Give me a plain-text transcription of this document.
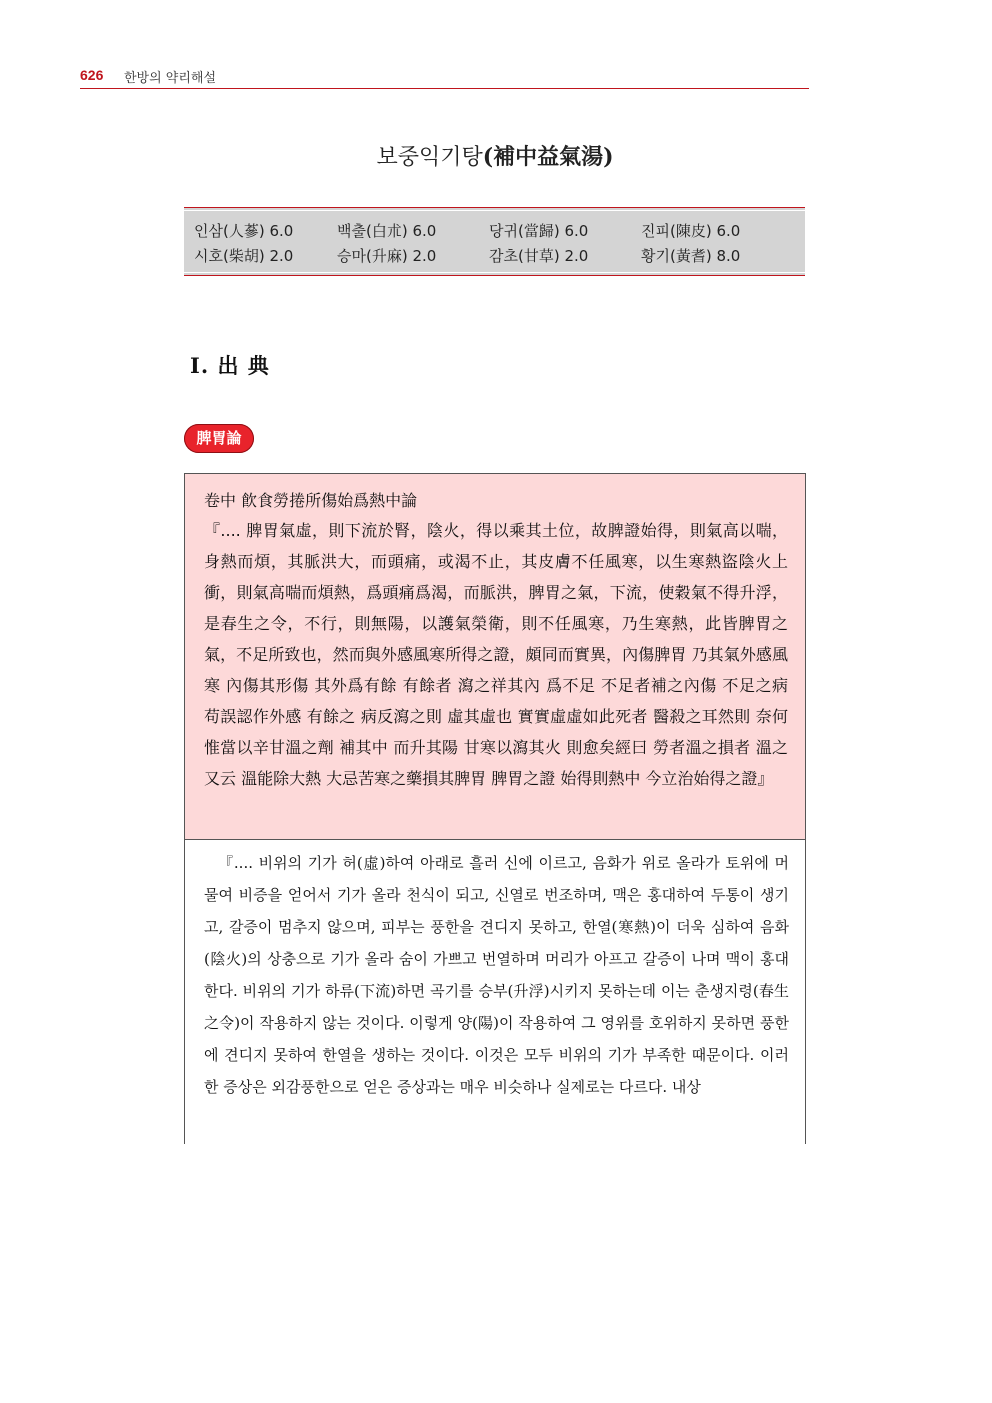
626 한방의 약리해설
보중익기탕(補中益氣湯)
인삼(人蔘) 6.0	백출(白朮) 6.0	당귀(當歸) 6.0	진피(陳皮) 6.0
시호(柴胡) 2.0	승마(升麻) 2.0	감초(甘草) 2.0	황기(黃耆) 8.0
Ⅰ. 出 典
脾胃論
卷中 飮食勞捲所傷始爲熱中論
『.... 脾胃氣虛，則下流於腎，陰火，得以乘其土位，故脾證始得，則氣高以喘，身熱而煩，其脈洪大，而頭痛，或渴不止，其皮膚不任風寒，以生寒熱盜陰火上衝，則氣高喘而煩熱，爲頭痛爲渴，而脈洪，脾胃之氣，下流，使穀氣不得升浮，是春生之令，不行，則無陽，以護氣榮衛，則不任風寒，乃生寒熱，此皆脾胃之氣，不足所致也，然而與外感風寒所得之證，頗同而實異，內傷脾胃 乃其氣外感風寒 內傷其形傷 其外爲有餘 有餘者 瀉之祥其內 爲不足 不足者補之內傷 不足之病 苟誤認作外感 有餘之 病反瀉之則 虛其虛也 實實虛虛如此死者 醫殺之耳然則 奈何惟當以辛甘溫之劑 補其中 而升其陽 甘寒以瀉其火 則愈矣經曰 勞者溫之損者 溫之又云 溫能除大熱 大忌苦寒之藥損其脾胃 脾胃之證 始得則熱中 今立治始得之證』
『.... 비위의 기가 허(虛)하여 아래로 흘러 신에 이르고, 음화가 위로 올라가 토위에 머물여 비증을 얻어서 기가 올라 천식이 되고, 신열로 번조하며, 맥은 홍대하여 두통이 생기고, 갈증이 멈추지 않으며, 피부는 풍한을 견디지 못하고, 한열(寒熱)이 더욱 심하여 음화(陰火)의 상충으로 기가 올라 숨이 가쁘고 번열하며 머리가 아프고 갈증이 나며 맥이 홍대한다. 비위의 기가 하류(下流)하면 곡기를 승부(升浮)시키지 못하는데 이는 춘생지령(春生之令)이 작용하지 않는 것이다. 이렇게 양(陽)이 작용하여 그 영위를 호위하지 못하면 풍한에 견디지 못하여 한열을 생하는 것이다. 이것은 모두 비위의 기가 부족한 때문이다. 이러한 증상은 외감풍한으로 얻은 증상과는 매우 비슷하나 실제로는 다르다. 내상
